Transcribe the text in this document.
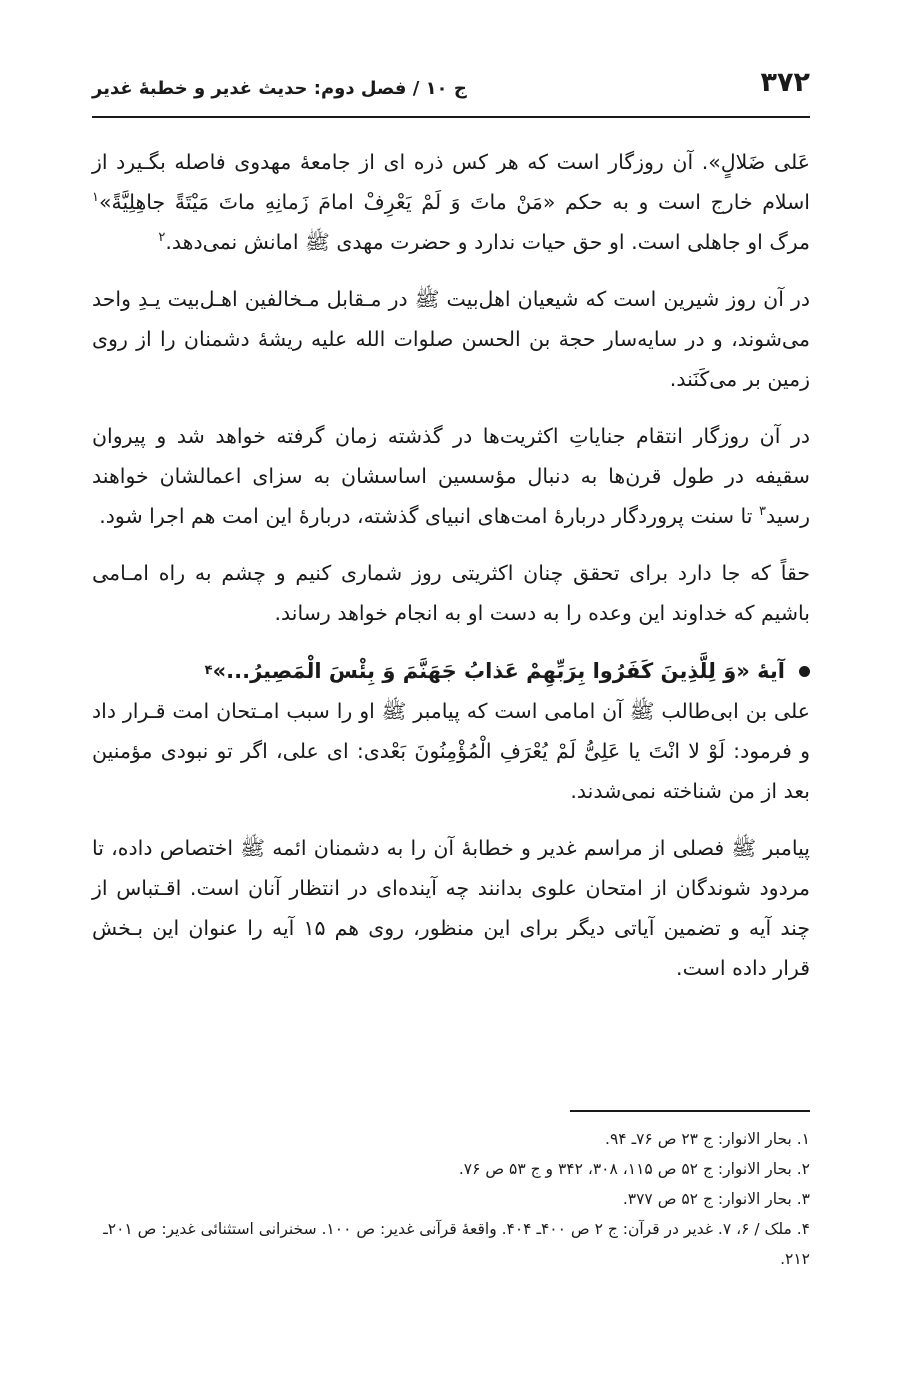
۳۷۲
ج ۱۰ / فصل دوم: حدیث غدیر و خطبهٔ غدیر

عَلی ضَلالٍ». آن روزگار است که هر کس ذره ای از جامعهٔ مهدوی فاصله بگـیرد از اسلام خارج است و به حکم «مَنْ ماتَ وَ لَمْ یَعْرِفْ امامَ زَمانِهِ ماتَ مَیْتَةً جاهِلِیَّةً»$^۱$ مرگ او جاهلی است. او حق حیات ندارد و حضرت مهدی ﷺ امانش نمی‌دهد.$^۲$

در آن روز شیرین است که شیعیان اهل‌بیت ﷺ در مـقابل مـخالفین اهـل‌بیت یـدِ واحد می‌شوند، و در سایه‌سار حجة بن الحسن صلوات الله علیه ریشهٔ دشمنان را از روی زمین بر می‌کَنَند.

در آن روزگار انتقام جنایاتِ اکثریت‌ها در گذشته زمان گرفته خواهد شد و پیروان سقیفه در طول قرن‌ها به دنبال مؤسسین اساسشان به سزای اعمالشان خواهند رسید$^۳$ تا سنت پروردگار دربارهٔ امت‌های انبیای گذشته، دربارهٔ این امت هم اجرا شود.

حقاً که جا دارد برای تحقق چنان اکثریتی روز شماری کنیم و چشم به راه امـامی باشیم که خداوند این وعده را به دست او به انجام خواهد رساند.

آیهٔ «وَ لِلَّذِینَ کَفَرُوا بِرَبِّهِمْ عَذابُ جَهَنَّمَ وَ بِئْسَ الْمَصِیرُ...»
۴

علی بن ابی‌طالب ﷺ آن امامی است که پیامبر ﷺ او را سبب امـتحان امت قـرار داد و فرمود: لَوْ لا انْتَ یا عَلِیُّ لَمْ یُعْرَفِ الْمُؤْمِنُونَ بَعْدی: ای علی، اگر تو نبودی مؤمنین بعد از من شناخته نمی‌شدند.

پیامبر ﷺ فصلی از مراسم غدیر و خطابهٔ آن را به دشمنان ائمه ﷺ اختصاص داده، تا مردود شوندگان از امتحان علوی بدانند چه آینده‌ای در انتظار آنان است. اقـتباس از چند آیه و تضمین آیاتی دیگر برای این منظور، روی هم ۱۵ آیه را عنوان این بـخش قرار داده است.

۱. بحار الانوار: ج ۲۳ ص ۷۶ـ ۹۴.

۲. بحار الانوار: ج ۵۲ ص ۱۱۵، ۳۰۸، ۳۴۲ و ج ۵۳ ص ۷۶.

۳. بحار الانوار: ج ۵۲ ص ۳۷۷.

۴. ملک / ۶، ۷. غدیر در قرآن: ج ۲ ص ۴۰۰ـ ۴۰۴. واقعهٔ قرآنی غدیر: ص ۱۰۰. سخنرانی استثنائی غدیر: ص ۲۰۱ـ ۲۱۲.
